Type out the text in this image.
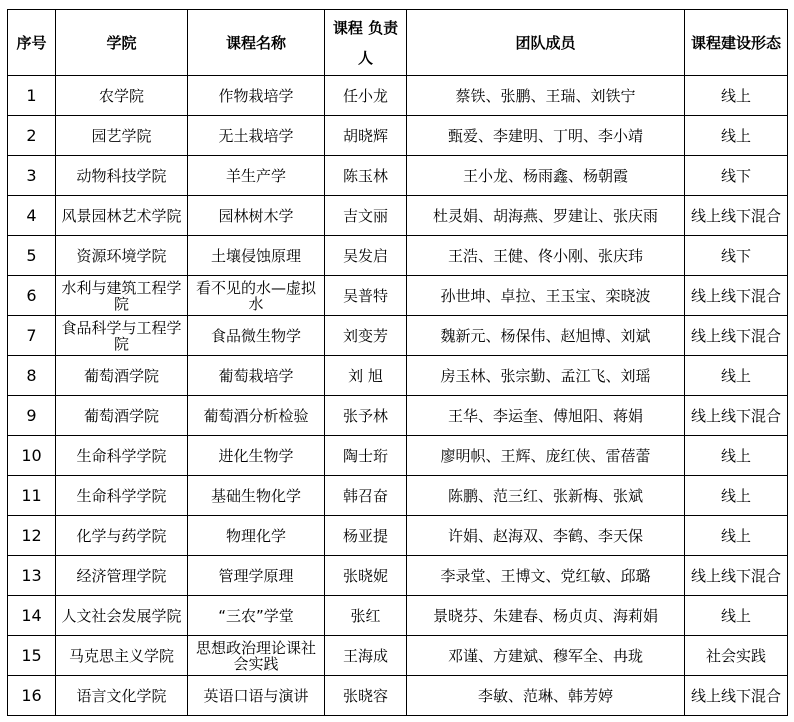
序号	学院	课程名称	课程 负责人	团队成员	课程建设形态
1	农学院	作物栽培学	任小龙	蔡铁、张鹏、王瑞、刘铁宁	线上
2	园艺学院	无土栽培学	胡晓辉	甄爱、李建明、丁明、李小靖	线上
3	动物科技学院	羊生产学	陈玉林	王小龙、杨雨鑫、杨朝霞	线下
4	风景园林艺术学院	园林树木学	吉文丽	杜灵娟、胡海燕、罗建让、张庆雨	线上线下混合
5	资源环境学院	土壤侵蚀原理	吴发启	王浩、王健、佟小刚、张庆玮	线下
6	水利与建筑工程学院	看不见的水—虚拟水	吴普特	孙世坤、卓拉、王玉宝、栾晓波	线上线下混合
7	食品科学与工程学院	食品微生物学	刘变芳	魏新元、杨保伟、赵旭博、刘斌	线上线下混合
8	葡萄酒学院	葡萄栽培学	刘 旭	房玉林、张宗勤、孟江飞、刘瑶	线上
9	葡萄酒学院	葡萄酒分析检验	张予林	王华、李运奎、傅旭阳、蒋娟	线上线下混合
10	生命科学学院	进化生物学	陶士珩	廖明帜、王辉、庞红侠、雷蓓蕾	线上
11	生命科学学院	基础生物化学	韩召奋	陈鹏、范三红、张新梅、张斌	线上
12	化学与药学院	物理化学	杨亚提	许娟、赵海双、李鹤、李天保	线上
13	经济管理学院	管理学原理	张晓妮	李录堂、王博文、党红敏、邱璐	线上线下混合
14	人文社会发展学院	“三农”学堂	张红	景晓芬、朱建春、杨贞贞、海莉娟	线上
15	马克思主义学院	思想政治理论课社会实践	王海成	邓谨、方建斌、穆军全、冉珑	社会实践
16	语言文化学院	英语口语与演讲	张晓容	李敏、范琳、韩芳婷	线上线下混合
